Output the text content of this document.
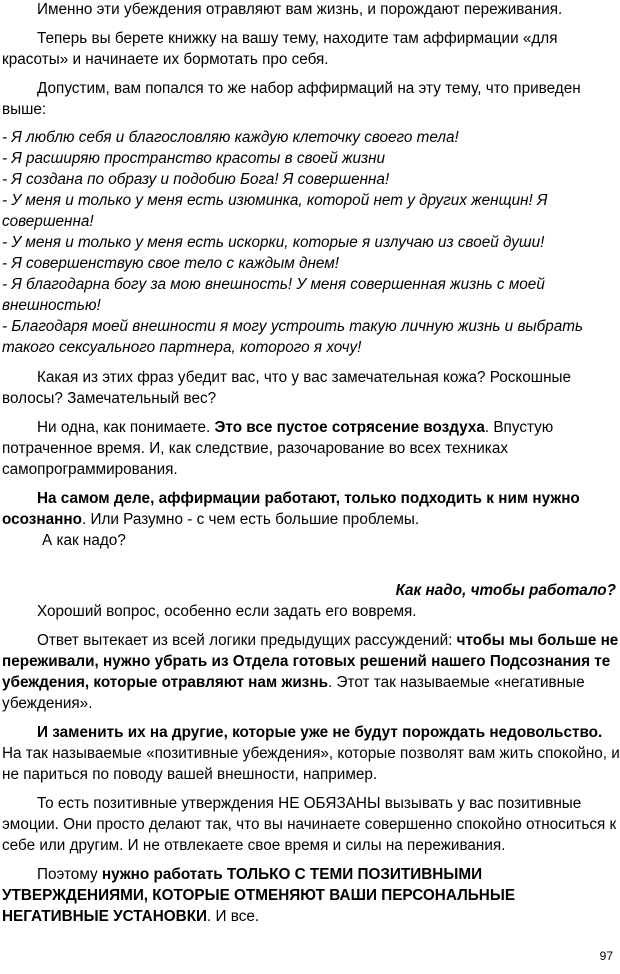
Именно эти убеждения отравляют вам жизнь, и порождают переживания.

Теперь вы берете книжку на вашу тему, находите там аффирмации «для красоты» и начинаете их бормотать про себя.

Допустим, вам попался то же набор аффирмаций на эту тему, что приведен выше:

- Я люблю себя и благословляю каждую клеточку своего тела!
- Я расширяю пространство красоты в своей жизни
- Я создана по образу и подобию Бога! Я совершенна!
- У меня и только у меня есть изюминка, которой нет у других женщин! Я совершенна!
- У меня и только у меня есть искорки, которые я излучаю из своей души!
- Я совершенствую свое тело с каждым днем!
- Я благодарна богу за мою внешность! У меня совершенная жизнь с моей внешностью!
- Благодаря моей внешности я могу устроить такую личную жизнь и выбрать такого сексуального партнера, которого я хочу!

Какая из этих фраз убедит вас, что у вас замечательная кожа? Роскошные волосы? Замечательный вес?

Ни одна, как понимаете. Это все пустое сотрясение воздуха. Впустую потраченное время. И, как следствие, разочарование во всех техниках самопрограммирования.

На самом деле, аффирмации работают, только подходить к ним нужно осознанно. Или Разумно - с чем есть большие проблемы.

А как надо?

Как надо, чтобы работало?

Хороший вопрос, особенно если задать его вовремя.

Ответ вытекает из всей логики предыдущих рассуждений: чтобы мы больше не переживали, нужно убрать из Отдела готовых решений нашего Подсознания те убеждения, которые отравляют нам жизнь. Этот так называемые «негативные убеждения».

И заменить их на другие, которые уже не будут порождать недовольство. На так называемые «позитивные убеждения», которые позволят вам жить спокойно, и не париться по поводу вашей внешности, например.

То есть позитивные утверждения НЕ ОБЯЗАНЫ вызывать у вас позитивные эмоции. Они просто делают так, что вы начинаете совершенно спокойно относиться к себе или другим. И не отвлекаете свое время и силы на переживания.

Поэтому нужно работать ТОЛЬКО С ТЕМИ ПОЗИТИВНЫМИ УТВЕРЖДЕНИЯМИ, КОТОРЫЕ ОТМЕНЯЮТ ВАШИ ПЕРСОНАЛЬНЫЕ НЕГАТИВНЫЕ УСТАНОВКИ. И все.

97
